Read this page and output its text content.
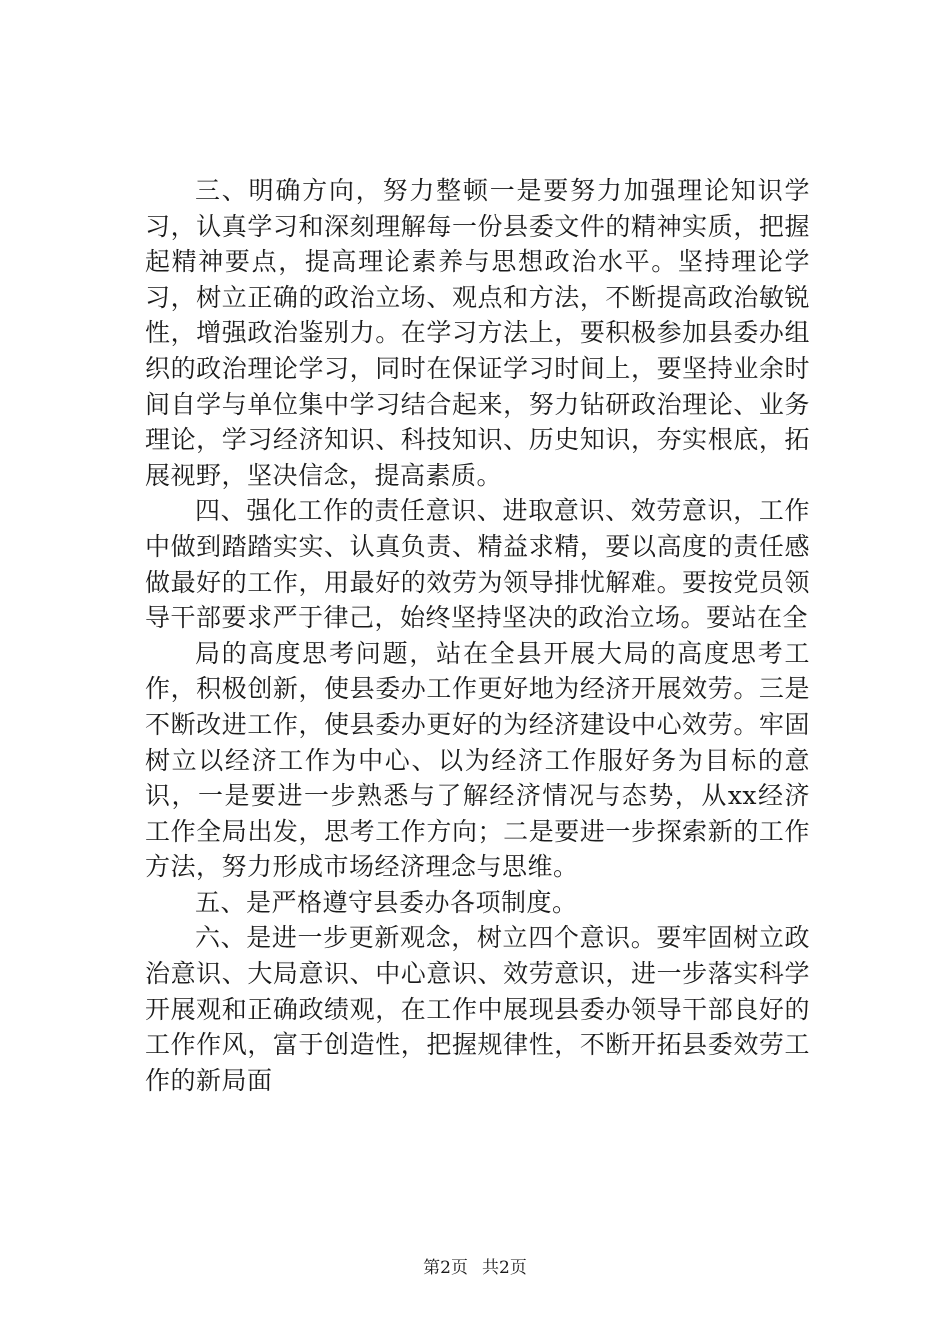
三、明确方向，努力整顿一是要努力加强理论知识学习，认真学习和深刻理解每一份县委文件的精神实质，把握起精神要点，提高理论素养与思想政治水平。坚持理论学习，树立正确的政治立场、观点和方法，不断提高政治敏锐性，增强政治鉴别力。在学习方法上，要积极参加县委办组织的政治理论学习，同时在保证学习时间上，要坚持业余时间自学与单位集中学习结合起来，努力钻研政治理论、业务理论，学习经济知识、科技知识、历史知识，夯实根底，拓展视野，坚决信念，提高素质。

四、强化工作的责任意识、进取意识、效劳意识，工作中做到踏踏实实、认真负责、精益求精，要以高度的责任感做最好的工作，用最好的效劳为领导排忧解难。要按党员领导干部要求严于律己，始终坚持坚决的政治立场。要站在全

局的高度思考问题，站在全县开展大局的高度思考工作，积极创新，使县委办工作更好地为经济开展效劳。三是不断改进工作，使县委办更好的为经济建设中心效劳。牢固树立以经济工作为中心、以为经济工作服好务为目标的意识，一是要进一步熟悉与了解经济情况与态势，从xx经济工作全局出发，思考工作方向；二是要进一步探索新的工作方法，努力形成市场经济理念与思维。

五、是严格遵守县委办各项制度。

六、是进一步更新观念，树立四个意识。要牢固树立政治意识、大局意识、中心意识、效劳意识，进一步落实科学开展观和正确政绩观，在工作中展现县委办领导干部良好的工作作风，富于创造性，把握规律性，不断开拓县委效劳工作的新局面

第2页 共2页
